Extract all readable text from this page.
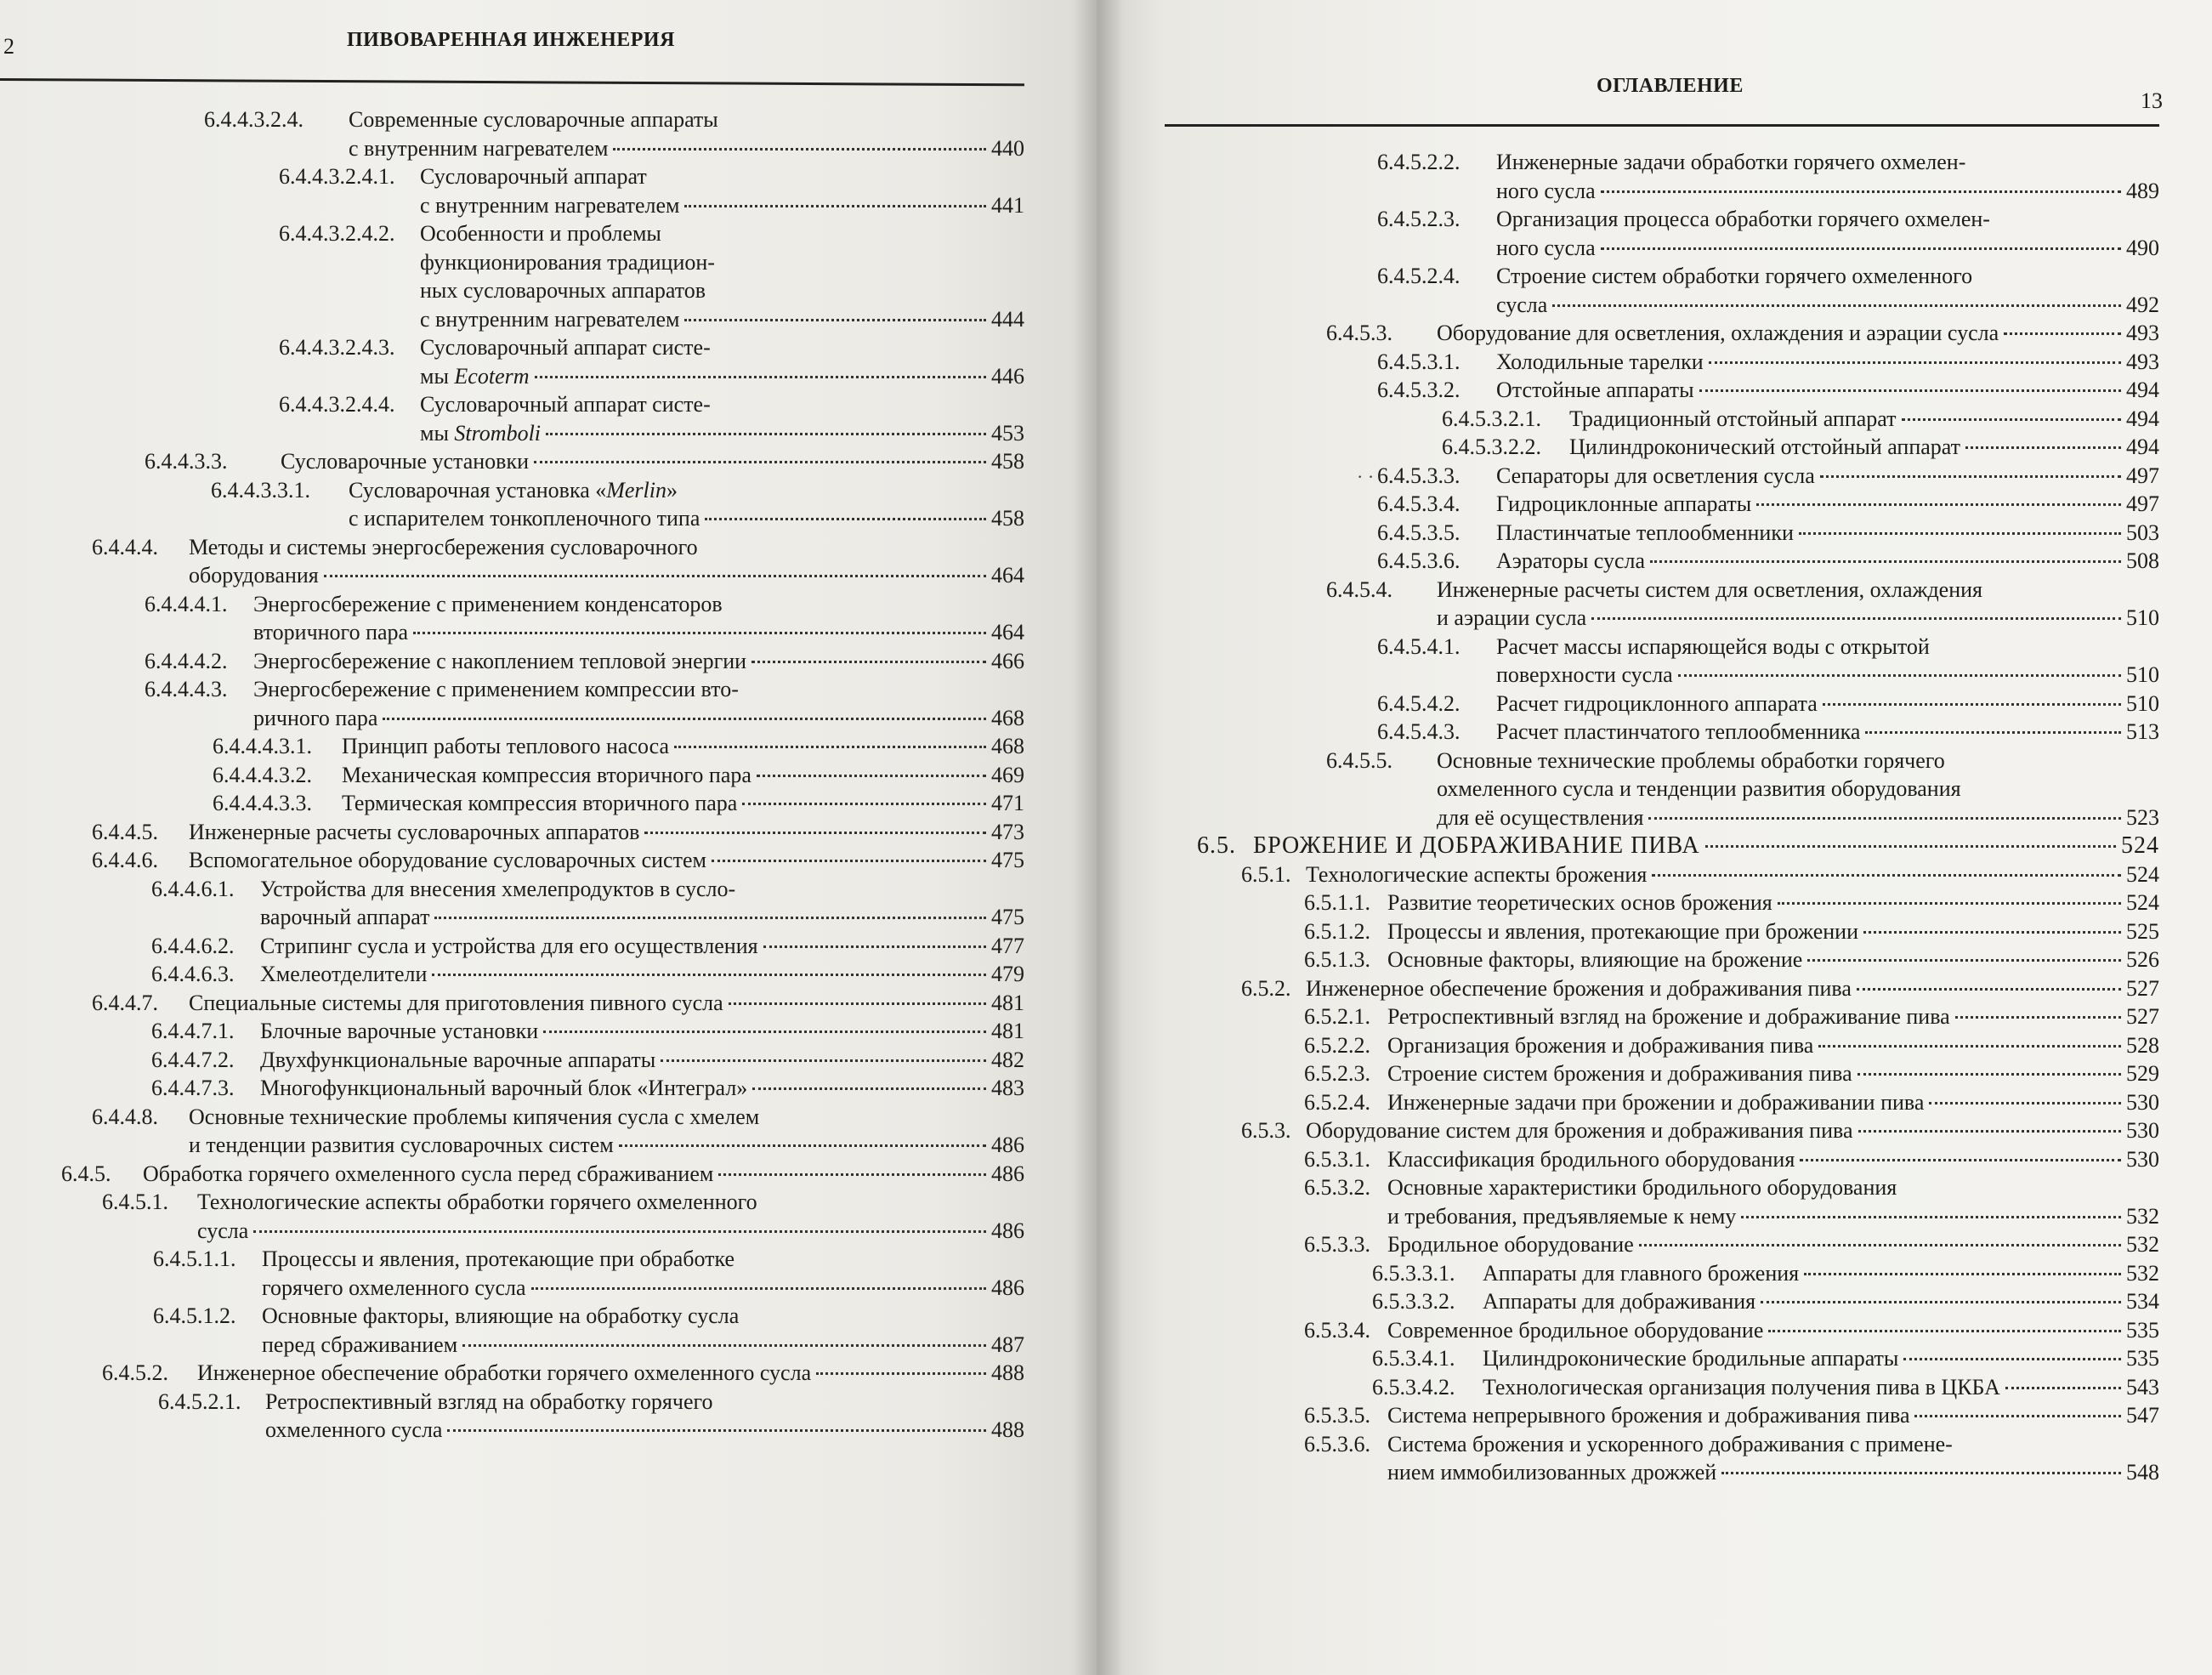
2	ПИВОВАРЕННАЯ ИНЖЕНЕРИЯ
6.4.4.3.2.4. Современные сусловарочные аппараты
с внутренним нагревателем	440
6.4.4.3.2.4.1. Сусловарочный аппарат
с внутренним нагревателем	441
6.4.4.3.2.4.2. Особенности и проблемы
функционирования традицион-
ных сусловарочных аппаратов
с внутренним нагревателем	444
6.4.4.3.2.4.3. Сусловарочный аппарат систе-
мы Ecoterm	446
6.4.4.3.2.4.4. Сусловарочный аппарат систе-
мы Stromboli	453
6.4.4.3.3. Сусловарочные установки	458
6.4.4.3.3.1. Сусловарочная установка «Merlin»
с испарителем тонкопленочного типа	458
6.4.4.4. Методы и системы энергосбережения сусловарочного
оборудования	464
6.4.4.4.1. Энергосбережение с применением конденсаторов
вторичного пара	464
6.4.4.4.2. Энергосбережение с накоплением тепловой энергии	466
6.4.4.4.3. Энергосбережение с применением компрессии вто-
ричного пара	468
6.4.4.4.3.1. Принцип работы теплового насоса	468
6.4.4.4.3.2. Механическая компрессия вторичного пара	469
6.4.4.4.3.3. Термическая компрессия вторичного пара	471
6.4.4.5. Инженерные расчеты сусловарочных аппаратов	473
6.4.4.6. Вспомогательное оборудование сусловарочных систем	475
6.4.4.6.1. Устройства для внесения хмелепродуктов в сусло-
варочный аппарат	475
6.4.4.6.2. Стрипинг сусла и устройства для его осуществления	477
6.4.4.6.3. Хмелеотделители	479
6.4.4.7. Специальные системы для приготовления пивного сусла	481
6.4.4.7.1. Блочные варочные установки	481
6.4.4.7.2. Двухфункциональные варочные аппараты	482
6.4.4.7.3. Многофункциональный варочный блок «Интеграл»	483
6.4.4.8. Основные технические проблемы кипячения сусла с хмелем
и тенденции развития сусловарочных систем	486
6.4.5. Обработка горячего охмеленного сусла перед сбраживанием	486
6.4.5.1. Технологические аспекты обработки горячего охмеленного
сусла	486
6.4.5.1.1. Процессы и явления, протекающие при обработке
горячего охмеленного сусла	486
6.4.5.1.2. Основные факторы, влияющие на обработку сусла
перед сбраживанием	487
6.4.5.2. Инженерное обеспечение обработки горячего охмеленного сусла	488
6.4.5.2.1. Ретроспективный взгляд на обработку горячего
охмеленного сусла	488
ОГЛАВЛЕНИЕ
13
· ·
6.4.5.2.2. Инженерные задачи обработки горячего охмелен-
ного сусла	489
6.4.5.2.3. Организация процесса обработки горячего охмелен-
ного сусла	490
6.4.5.2.4. Строение систем обработки горячего охмеленного
сусла	492
6.4.5.3. Оборудование для осветления, охлаждения и аэрации сусла	493
6.4.5.3.1. Холодильные тарелки	493
6.4.5.3.2. Отстойные аппараты	494
6.4.5.3.2.1. Традиционный отстойный аппарат	494
6.4.5.3.2.2. Цилиндроконический отстойный аппарат	494
6.4.5.3.3. Сепараторы для осветления сусла	497
6.4.5.3.4. Гидроциклонные аппараты	497
6.4.5.3.5. Пластинчатые теплообменники	503
6.4.5.3.6. Аэраторы сусла	508
6.4.5.4. Инженерные расчеты систем для осветления, охлаждения
и аэрации сусла	510
6.4.5.4.1. Расчет массы испаряющейся воды с открытой
поверхности сусла	510
6.4.5.4.2. Расчет гидроциклонного аппарата	510
6.4.5.4.3. Расчет пластинчатого теплообменника	513
6.4.5.5. Основные технические проблемы обработки горячего
охмеленного сусла и тенденции развития оборудования
для её осуществления	523
6.5. БРОЖЕНИЕ И ДОБРАЖИВАНИЕ ПИВА	524
6.5.1. Технологические аспекты брожения	524
6.5.1.1. Развитие теоретических основ брожения	524
6.5.1.2. Процессы и явления, протекающие при брожении	525
6.5.1.3. Основные факторы, влияющие на брожение	526
6.5.2. Инженерное обеспечение брожения и дображивания пива	527
6.5.2.1. Ретроспективный взгляд на брожение и дображивание пива	527
6.5.2.2. Организация брожения и дображивания пива	528
6.5.2.3. Строение систем брожения и дображивания пива	529
6.5.2.4. Инженерные задачи при брожении и дображивании пива	530
6.5.3. Оборудование систем для брожения и дображивания пива	530
6.5.3.1. Классификация бродильного оборудования	530
6.5.3.2. Основные характеристики бродильного оборудования
и требования, предъявляемые к нему	532
6.5.3.3. Бродильное оборудование	532
6.5.3.3.1. Аппараты для главного брожения	532
6.5.3.3.2. Аппараты для дображивания	534
6.5.3.4. Современное бродильное оборудование	535
6.5.3.4.1. Цилиндроконические бродильные аппараты	535
6.5.3.4.2. Технологическая организация получения пива в ЦКБА	543
6.5.3.5. Система непрерывного брожения и дображивания пива	547
6.5.3.6. Система брожения и ускоренного дображивания с примене-
нием иммобилизованных дрожжей	548
